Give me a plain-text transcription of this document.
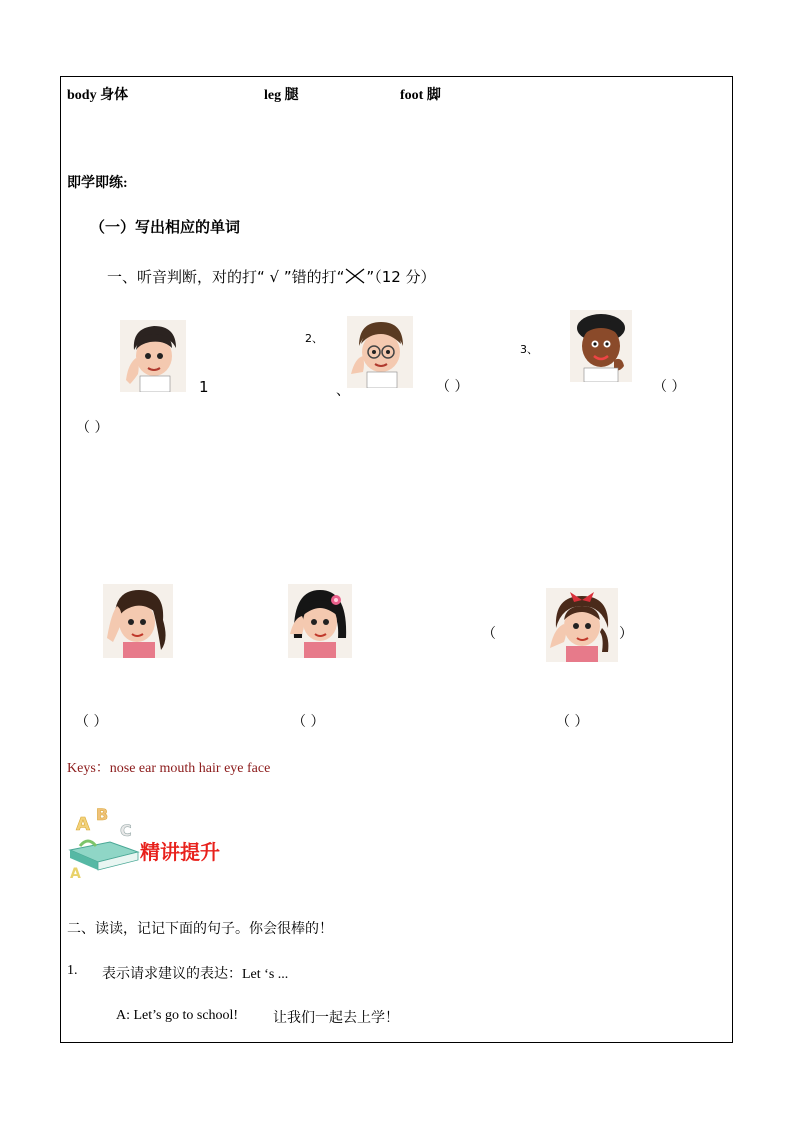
body 身体	leg 腿	foot 脚
即学即练:
（一）写出相应的单词
一、听音判断，对的打“ √ ”错的打“ ”（12 分）
1
2、
、	（ ）
3、
（ ）
（ ）
（	）
（ ）	（ ）	（ ）
Keys：nose ear mouth hair eye face
A B
C
A
精讲提升
二、读读，记记下面的句子。你会很棒的！
1. 表示请求建议的表达：Let ‘s ...
A: Let’s go to school! 让我们一起去上学！
